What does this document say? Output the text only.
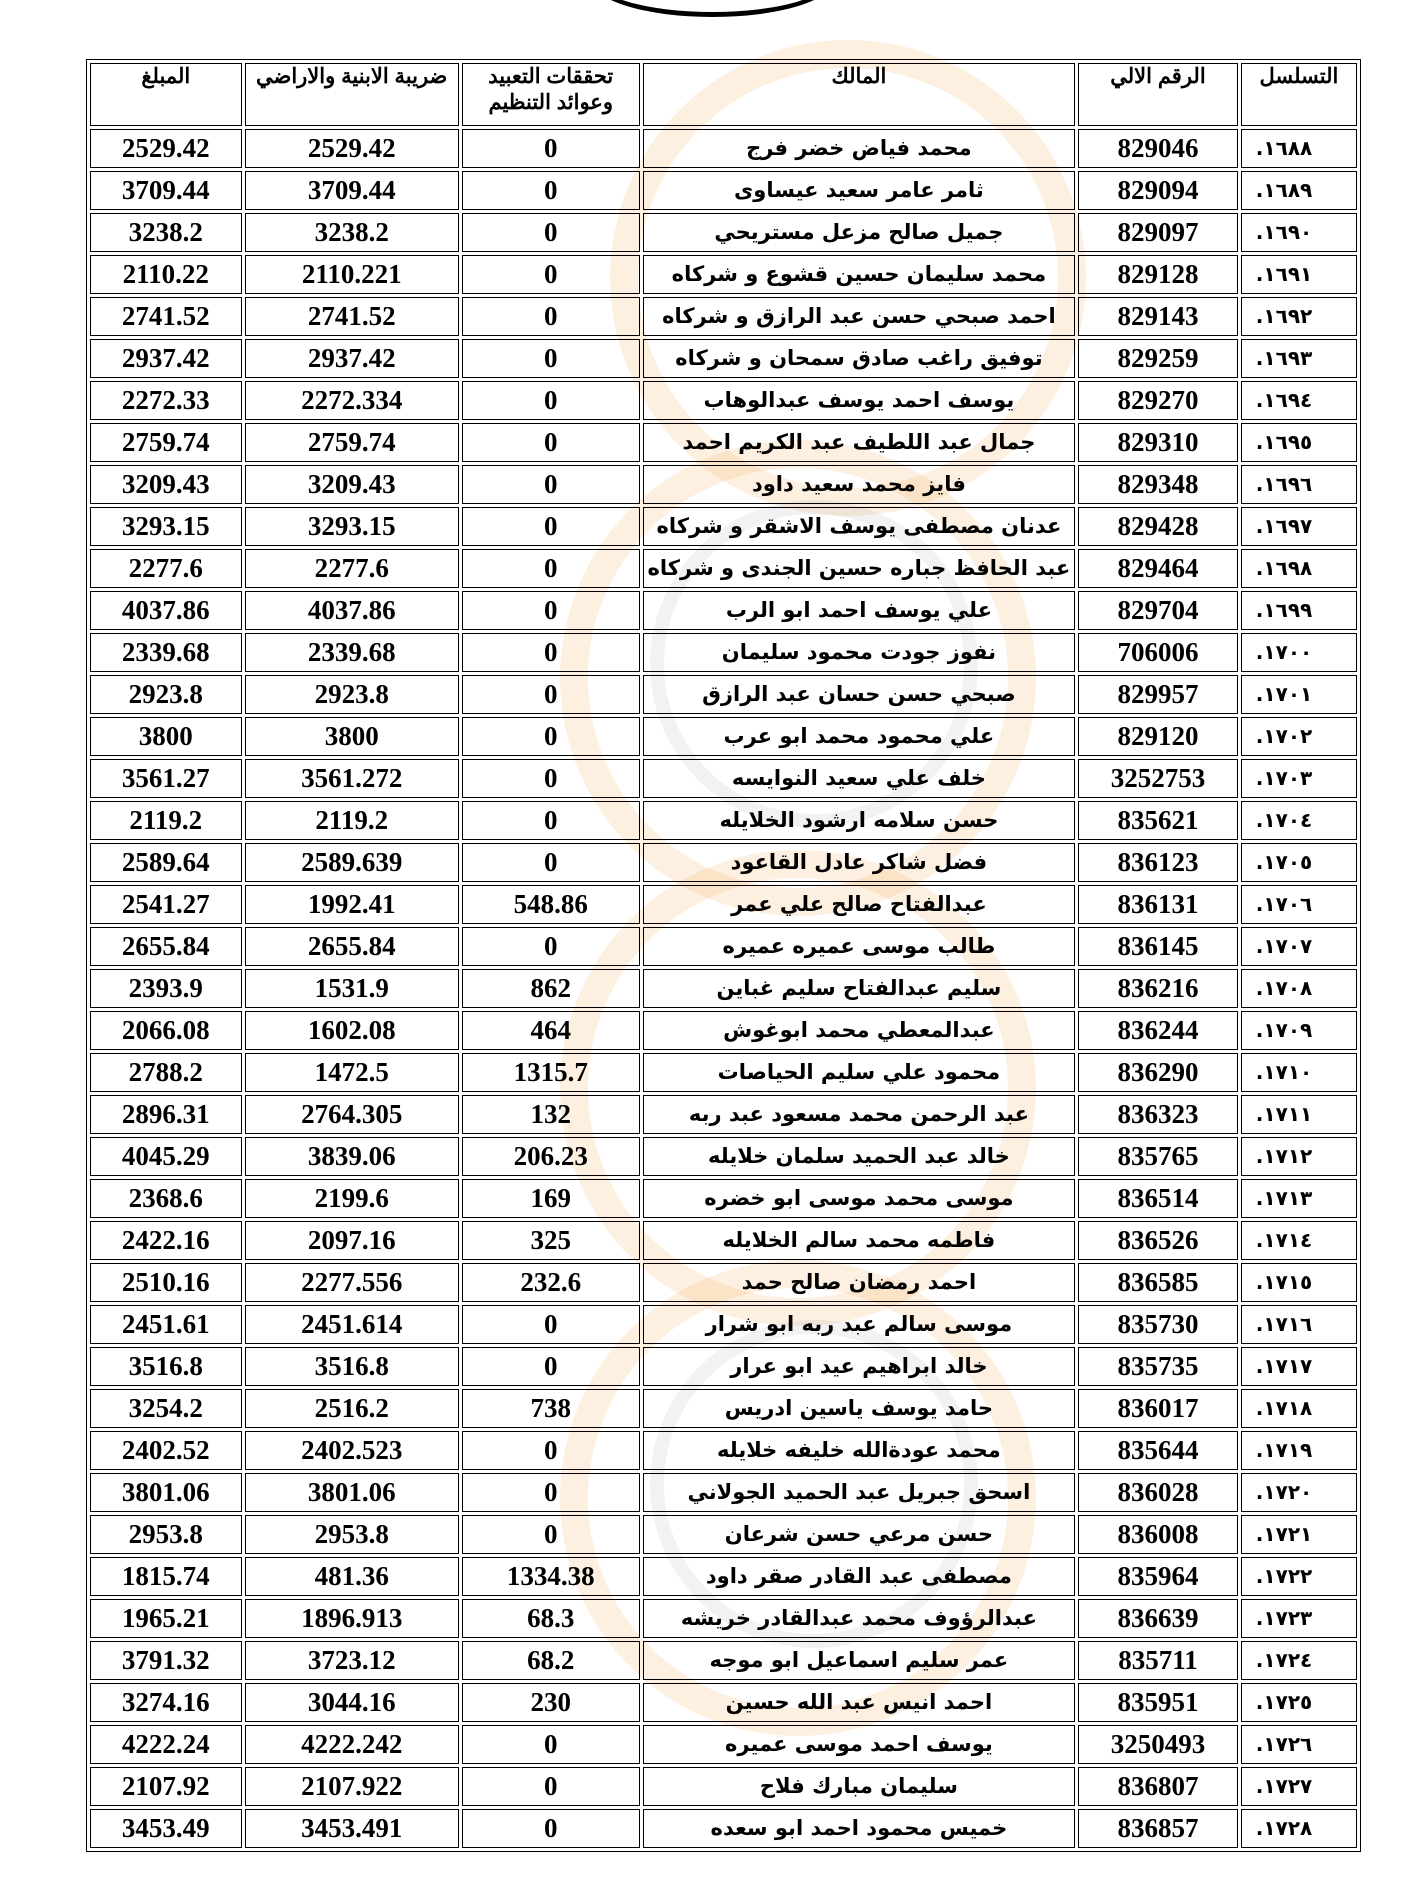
التسلسل	الرقم الالي	المالك	تحققات التعبيد وعوائد التنظيم	ضريبة الابنية والاراضي	المبلغ
١٦٨٨.	829046	محمد فياض خضر فرج	0	2529.42	2529.42
١٦٨٩.	829094	ثامر عامر سعيد عيساوى	0	3709.44	3709.44
١٦٩٠.	829097	جميل صالح مزعل مستريحي	0	3238.2	3238.2
١٦٩١.	829128	محمد سليمان حسين قشوع و شركاه	0	2110.221	2110.22
١٦٩٢.	829143	احمد صبحي حسن عبد الرازق و شركاه	0	2741.52	2741.52
١٦٩٣.	829259	توفيق راغب صادق سمحان و شركاه	0	2937.42	2937.42
١٦٩٤.	829270	يوسف احمد يوسف عبدالوهاب	0	2272.334	2272.33
١٦٩٥.	829310	جمال عبد اللطيف عبد الكريم احمد	0	2759.74	2759.74
١٦٩٦.	829348	فايز محمد سعيد داود	0	3209.43	3209.43
١٦٩٧.	829428	عدنان مصطفى يوسف الاشقر و شركاه	0	3293.15	3293.15
١٦٩٨.	829464	عبد الحافظ جباره حسين الجندى و شركاه	0	2277.6	2277.6
١٦٩٩.	829704	علي يوسف احمد ابو الرب	0	4037.86	4037.86
١٧٠٠.	706006	نفوز جودت محمود سليمان	0	2339.68	2339.68
١٧٠١.	829957	صبحي حسن حسان عبد الرازق	0	2923.8	2923.8
١٧٠٢.	829120	علي محمود محمد ابو عرب	0	3800	3800
١٧٠٣.	3252753	خلف علي سعيد النوايسه	0	3561.272	3561.27
١٧٠٤.	835621	حسن سلامه ارشود الخلايله	0	2119.2	2119.2
١٧٠٥.	836123	فضل شاكر عادل القاعود	0	2589.639	2589.64
١٧٠٦.	836131	عبدالفتاح صالح علي عمر	548.86	1992.41	2541.27
١٧٠٧.	836145	طالب موسى عميره عميره	0	2655.84	2655.84
١٧٠٨.	836216	سليم عبدالفتاح سليم غباين	862	1531.9	2393.9
١٧٠٩.	836244	عبدالمعطي محمد ابوغوش	464	1602.08	2066.08
١٧١٠.	836290	محمود علي سليم الحياصات	1315.7	1472.5	2788.2
١٧١١.	836323	عبد الرحمن محمد مسعود عبد ربه	132	2764.305	2896.31
١٧١٢.	835765	خالد عبد الحميد سلمان خلايله	206.23	3839.06	4045.29
١٧١٣.	836514	موسى محمد موسى ابو خضره	169	2199.6	2368.6
١٧١٤.	836526	فاطمه محمد سالم الخلايله	325	2097.16	2422.16
١٧١٥.	836585	احمد رمضان صالح حمد	232.6	2277.556	2510.16
١٧١٦.	835730	موسى سالم عبد ربه ابو شرار	0	2451.614	2451.61
١٧١٧.	835735	خالد ابراهيم عيد ابو عرار	0	3516.8	3516.8
١٧١٨.	836017	حامد يوسف ياسين ادريس	738	2516.2	3254.2
١٧١٩.	835644	محمد عودةالله خليفه خلايله	0	2402.523	2402.52
١٧٢٠.	836028	اسحق جبريل عبد الحميد الجولاني	0	3801.06	3801.06
١٧٢١.	836008	حسن مرعي حسن شرعان	0	2953.8	2953.8
١٧٢٢.	835964	مصطفى عبد القادر صقر داود	1334.38	481.36	1815.74
١٧٢٣.	836639	عبدالرؤوف محمد عبدالقادر خريشه	68.3	1896.913	1965.21
١٧٢٤.	835711	عمر سليم اسماعيل ابو موجه	68.2	3723.12	3791.32
١٧٢٥.	835951	احمد انيس عبد الله حسين	230	3044.16	3274.16
١٧٢٦.	3250493	يوسف احمد موسى عميره	0	4222.242	4222.24
١٧٢٧.	836807	سليمان مبارك فلاح	0	2107.922	2107.92
١٧٢٨.	836857	خميس محمود احمد ابو سعده	0	3453.491	3453.49
